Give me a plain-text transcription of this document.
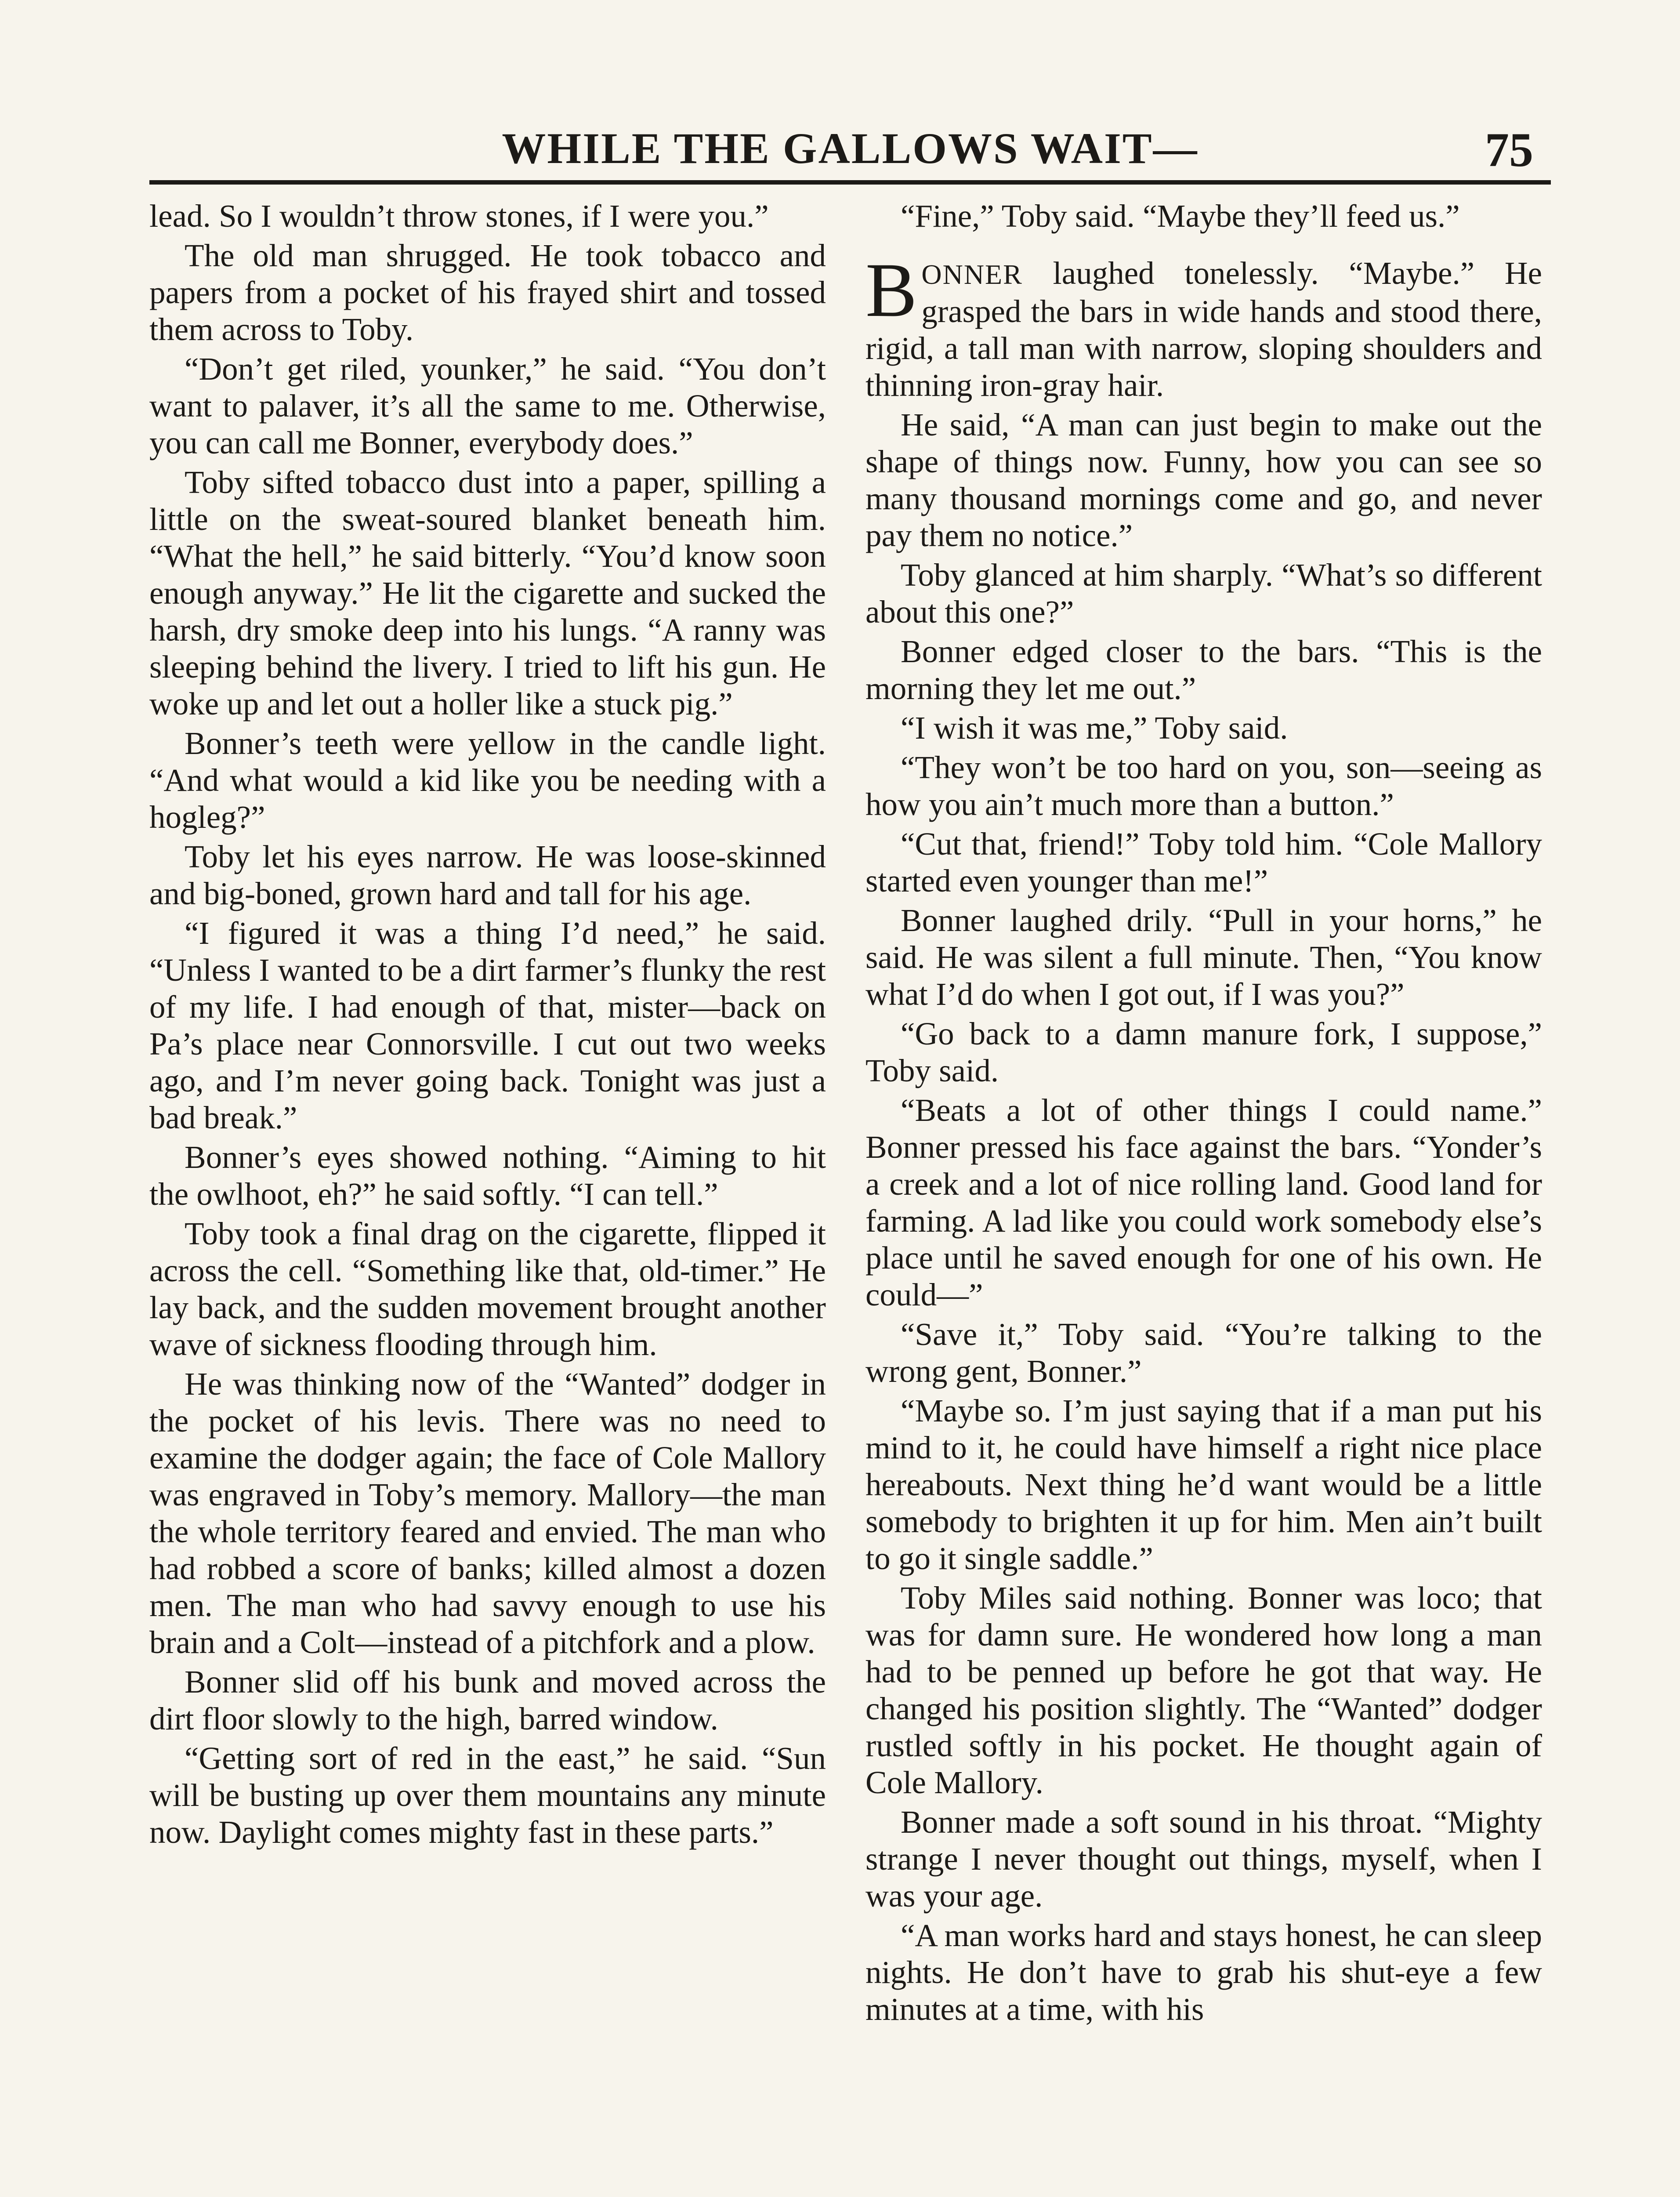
WHILE THE GALLOWS WAIT—	75

lead. So I wouldn’t throw stones, if I were you.”

The old man shrugged. He took tobacco and papers from a pocket of his frayed shirt and tossed them across to Toby.

“Don’t get riled, younker,” he said. “You don’t want to palaver, it’s all the same to me. Otherwise, you can call me Bonner, everybody does.”

Toby sifted tobacco dust into a paper, spilling a little on the sweat-soured blanket beneath him. “What the hell,” he said bitterly. “You’d know soon enough anyway.” He lit the cigarette and sucked the harsh, dry smoke deep into his lungs. “A ranny was sleeping behind the livery. I tried to lift his gun. He woke up and let out a holler like a stuck pig.”

Bonner’s teeth were yellow in the candle light. “And what would a kid like you be needing with a hogleg?”

Toby let his eyes narrow. He was loose-skinned and big-boned, grown hard and tall for his age.

“I figured it was a thing I’d need,” he said. “Unless I wanted to be a dirt farmer’s flunky the rest of my life. I had enough of that, mister—back on Pa’s place near Connorsville. I cut out two weeks ago, and I’m never going back. Tonight was just a bad break.”

Bonner’s eyes showed nothing. “Aiming to hit the owlhoot, eh?” he said softly. “I can tell.”

Toby took a final drag on the cigarette, flipped it across the cell. “Something like that, old-timer.” He lay back, and the sudden movement brought another wave of sickness flooding through him.

He was thinking now of the “Wanted” dodger in the pocket of his levis. There was no need to examine the dodger again; the face of Cole Mallory was engraved in Toby’s memory. Mallory—the man the whole territory feared and envied. The man who had robbed a score of banks; killed almost a dozen men. The man who had savvy enough to use his brain and a Colt—instead of a pitchfork and a plow.

Bonner slid off his bunk and moved across the dirt floor slowly to the high, barred window.

“Getting sort of red in the east,” he said. “Sun will be busting up over them mountains any minute now. Daylight comes mighty fast in these parts.”

“Fine,” Toby said. “Maybe they’ll feed us.”

BONNER laughed tonelessly. “Maybe.” He grasped the bars in wide hands and stood there, rigid, a tall man with narrow, sloping shoulders and thinning iron-gray hair.

He said, “A man can just begin to make out the shape of things now. Funny, how you can see so many thousand mornings come and go, and never pay them no notice.”

Toby glanced at him sharply. “What’s so different about this one?”

Bonner edged closer to the bars. “This is the morning they let me out.”

“I wish it was me,” Toby said.

“They won’t be too hard on you, son—seeing as how you ain’t much more than a button.”

“Cut that, friend!” Toby told him. “Cole Mallory started even younger than me!”

Bonner laughed drily. “Pull in your horns,” he said. He was silent a full minute. Then, “You know what I’d do when I got out, if I was you?”

“Go back to a damn manure fork, I suppose,” Toby said.

“Beats a lot of other things I could name.” Bonner pressed his face against the bars. “Yonder’s a creek and a lot of nice rolling land. Good land for farming. A lad like you could work somebody else’s place until he saved enough for one of his own. He could—”

“Save it,” Toby said. “You’re talking to the wrong gent, Bonner.”

“Maybe so. I’m just saying that if a man put his mind to it, he could have himself a right nice place hereabouts. Next thing he’d want would be a little somebody to brighten it up for him. Men ain’t built to go it single saddle.”

Toby Miles said nothing. Bonner was loco; that was for damn sure. He wondered how long a man had to be penned up before he got that way. He changed his position slightly. The “Wanted” dodger rustled softly in his pocket. He thought again of Cole Mallory.

Bonner made a soft sound in his throat. “Mighty strange I never thought out things, myself, when I was your age.

“A man works hard and stays honest, he can sleep nights. He don’t have to grab his shut-eye a few minutes at a time, with his
